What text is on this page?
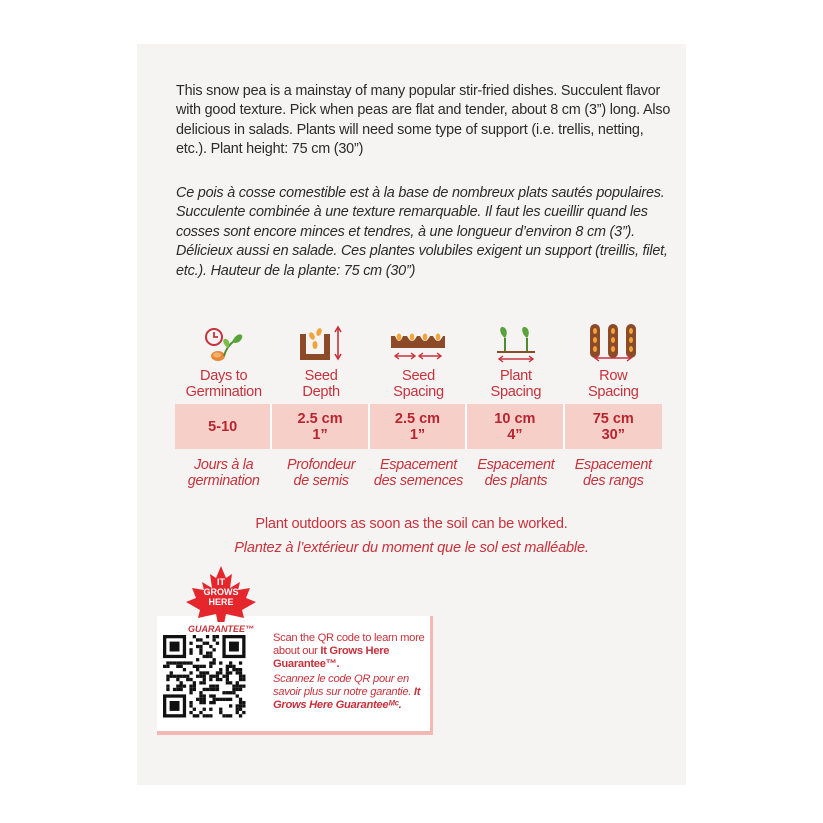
This snow pea is a mainstay of many popular stir-fried dishes. Succulent flavor with good texture. Pick when peas are flat and tender, about 8 cm (3”) long. Also delicious in salads. Plants will need some type of support (i.e. trellis, netting, etc.). Plant height: 75 cm (30”)

Ce pois à cosse comestible est à la base de nombreux plats sautés populaires. Succulente combinée à une texture remarquable. Il faut les cueillir quand les cosses sont encore minces et tendres, à une longueur d’environ 8 cm (3”). Délicieux aussi en salade. Ces plantes volubiles exigent un support (treillis, filet, etc.). Hauteur de la plante: 75 cm (30”)

Days to
Germination
Seed
Depth
Seed
Spacing
Plant
Spacing
Row
Spacing
5-10	2.5 cm
1”
2.5 cm
1”
10 cm
4”
75 cm
30”
Jours à la
germination
Profondeur
de semis
Espacement
des semences
Espacement
des plants
Espacement
des rangs

Plant outdoors as soon as the soil can be worked.

Plantez à l’extérieur du moment que le sol est malléable.

IT
GROWS
HERE
GUARANTEE™
Scan the QR code to learn more about our It Grows Here Guarantee™.
Scannez le code QR pour en savoir plus sur notre garantie. It Grows Here Guaranteeᴹᶜ.
